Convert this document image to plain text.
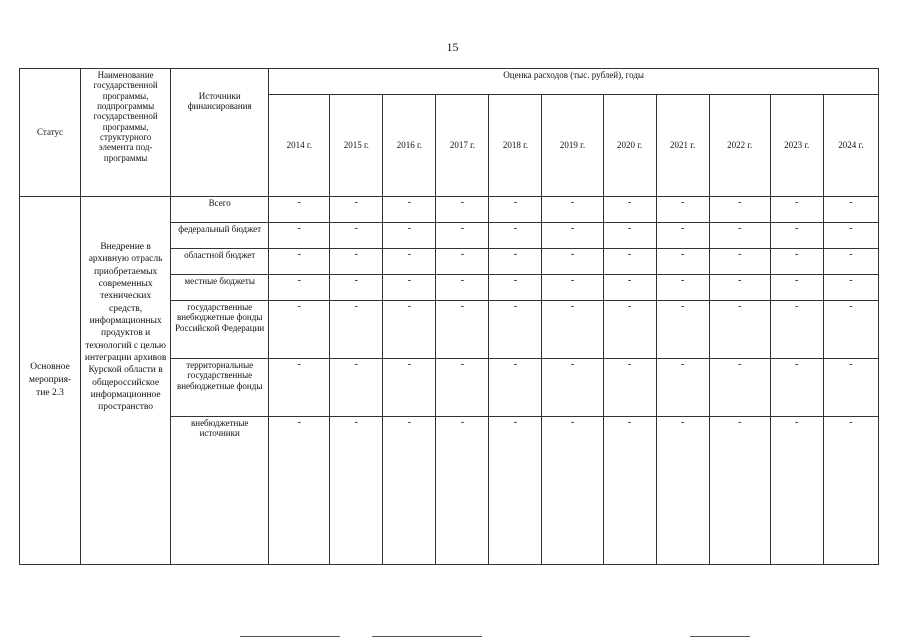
15
Статус	Наименование государственной программы, подпрограммы государственной программы, структурного элемента под- программы	Источники финансирования	Оценка расходов (тыс. рублей), годы										
			2014 г.	2015 г.	2016 г.	2017 г.	2018 г.	2019 г.	2020 г.	2021 г.	2022 г.	2023 г.	2024 г.
Основное мероприя- тие 2.3	Внедрение в архивную отрасль приобретаемых современных технических средств, информационных продуктов и технологий с целью интеграции архивов Курской области в общероссийское информационное пространство	Всего	-	-	-	-	-	-	-	-	-	-	-
		федеральный бюджет	-	-	-	-	-	-	-	-	-	-	-
		областной бюджет	-	-	-	-	-	-	-	-	-	-	-
		местные бюджеты	-	-	-	-	-	-	-	-	-	-	-
		государственные внебюджетные фонды Российской Федерации	-	-	-	-	-	-	-	-	-	-	-
		территориальные государственные внебюджетные фонды	-	-	-	-	-	-	-	-	-	-	-
		внебюджетные источники	-	-	-	-	-	-	-	-	-	-	-
